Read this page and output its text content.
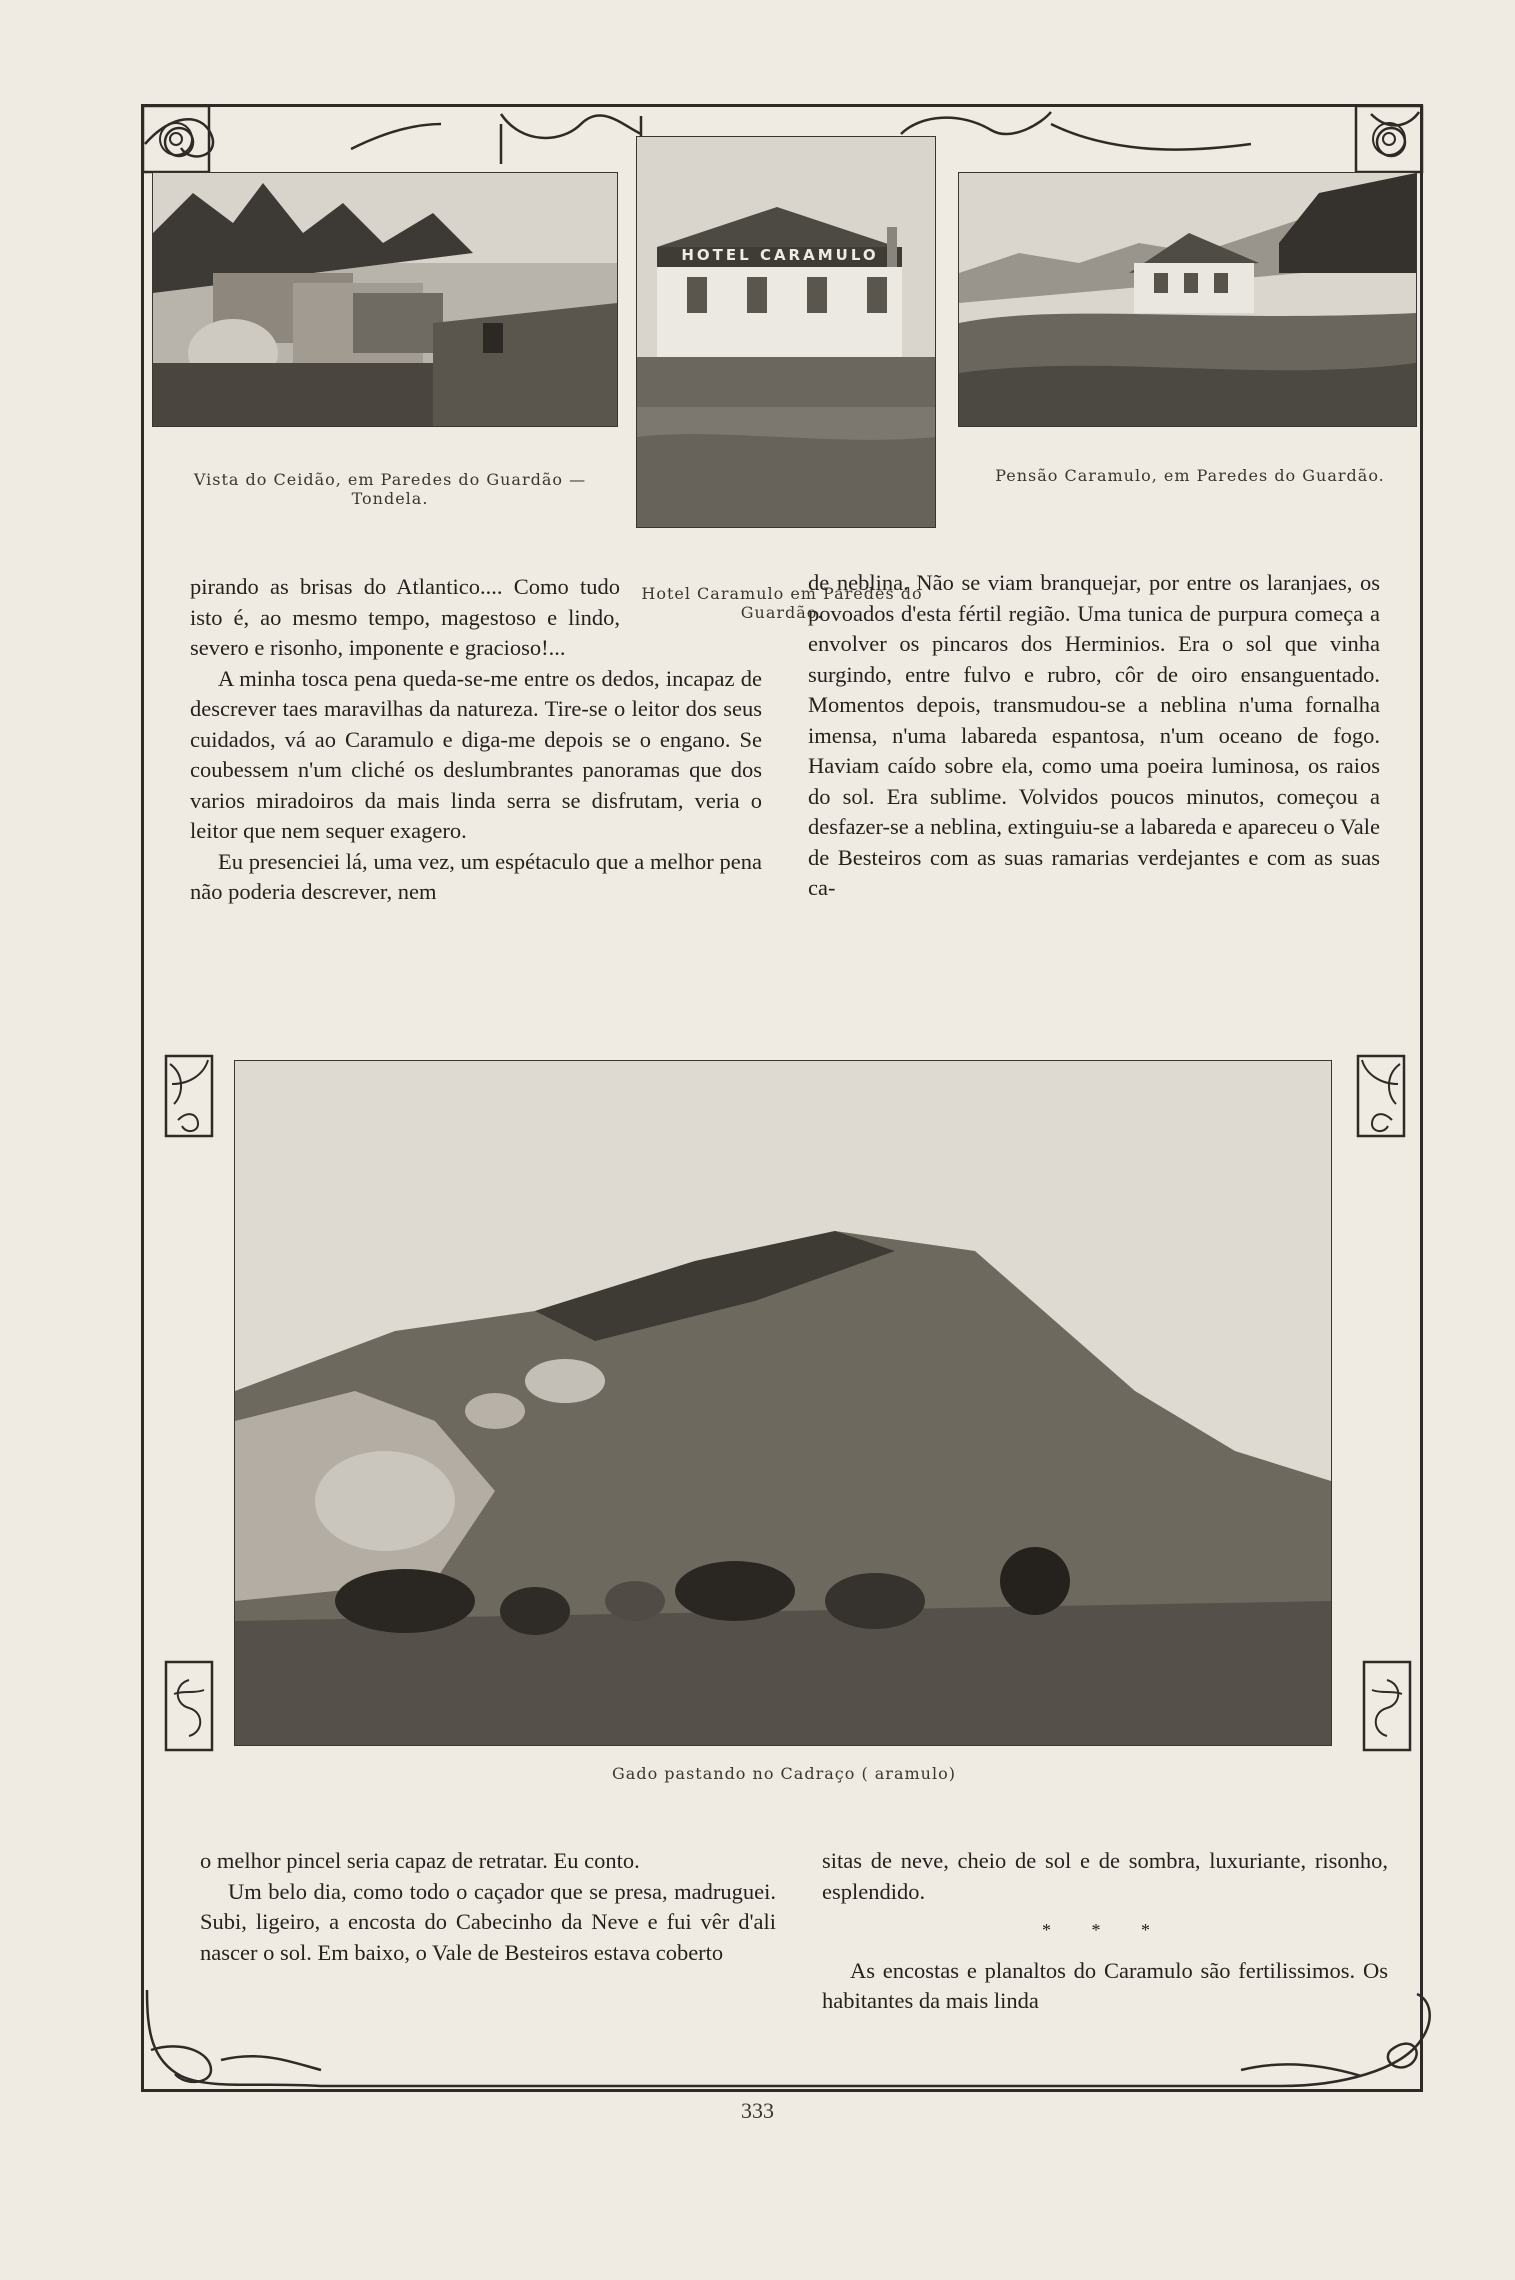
HOTEL CARAMULO
Vista do Ceidão, em Paredes do Guardão — Tondela.
Hotel Caramulo em Paredes do Guardão.
Pensão Caramulo, em Paredes do Guardão.

pirando as brisas do Atlantico.... Como tudo isto é, ao mesmo tempo, magestoso e lindo, severo e risonho, imponente e gracioso!...

A minha tosca pena queda-se-me entre os dedos, incapaz de descrever taes maravilhas da natureza. Tire-se o leitor dos seus cuidados, vá ao Caramulo e diga-me depois se o engano. Se coubessem n'um cliché os deslumbrantes panoramas que dos varios miradoiros da mais linda serra se disfrutam, veria o leitor que nem sequer exagero.

Eu presenciei lá, uma vez, um espétaculo que a melhor pena não poderia descrever, nem

de neblina. Não se viam branquejar, por entre os laranjaes, os povoados d'esta fértil região. Uma tunica de purpura começa a envolver os pincaros dos Herminios. Era o sol que vinha surgindo, entre fulvo e rubro, côr de oiro ensanguentado. Momentos depois, transmudou-se a neblina n'uma fornalha imensa, n'uma labareda espantosa, n'um oceano de fogo. Haviam caído sobre ela, como uma poeira luminosa, os raios do sol. Era sublime. Volvidos poucos minutos, começou a desfazer-se a neblina, extinguiu-se a labareda e apareceu o Vale de Besteiros com as suas ramarias verdejantes e com as suas ca-

Gado pastando no Cadraço ( aramulo)

o melhor pincel seria capaz de retratar. Eu conto.

Um belo dia, como todo o caçador que se presa, madruguei. Subi, ligeiro, a encosta do Cabecinho da Neve e fui vêr d'ali nascer o sol. Em baixo, o Vale de Besteiros estava coberto

sitas de neve, cheio de sol e de sombra, luxuriante, risonho, esplendido.

* * *

As encostas e planaltos do Caramulo são fertilissimos. Os habitantes da mais linda

333
